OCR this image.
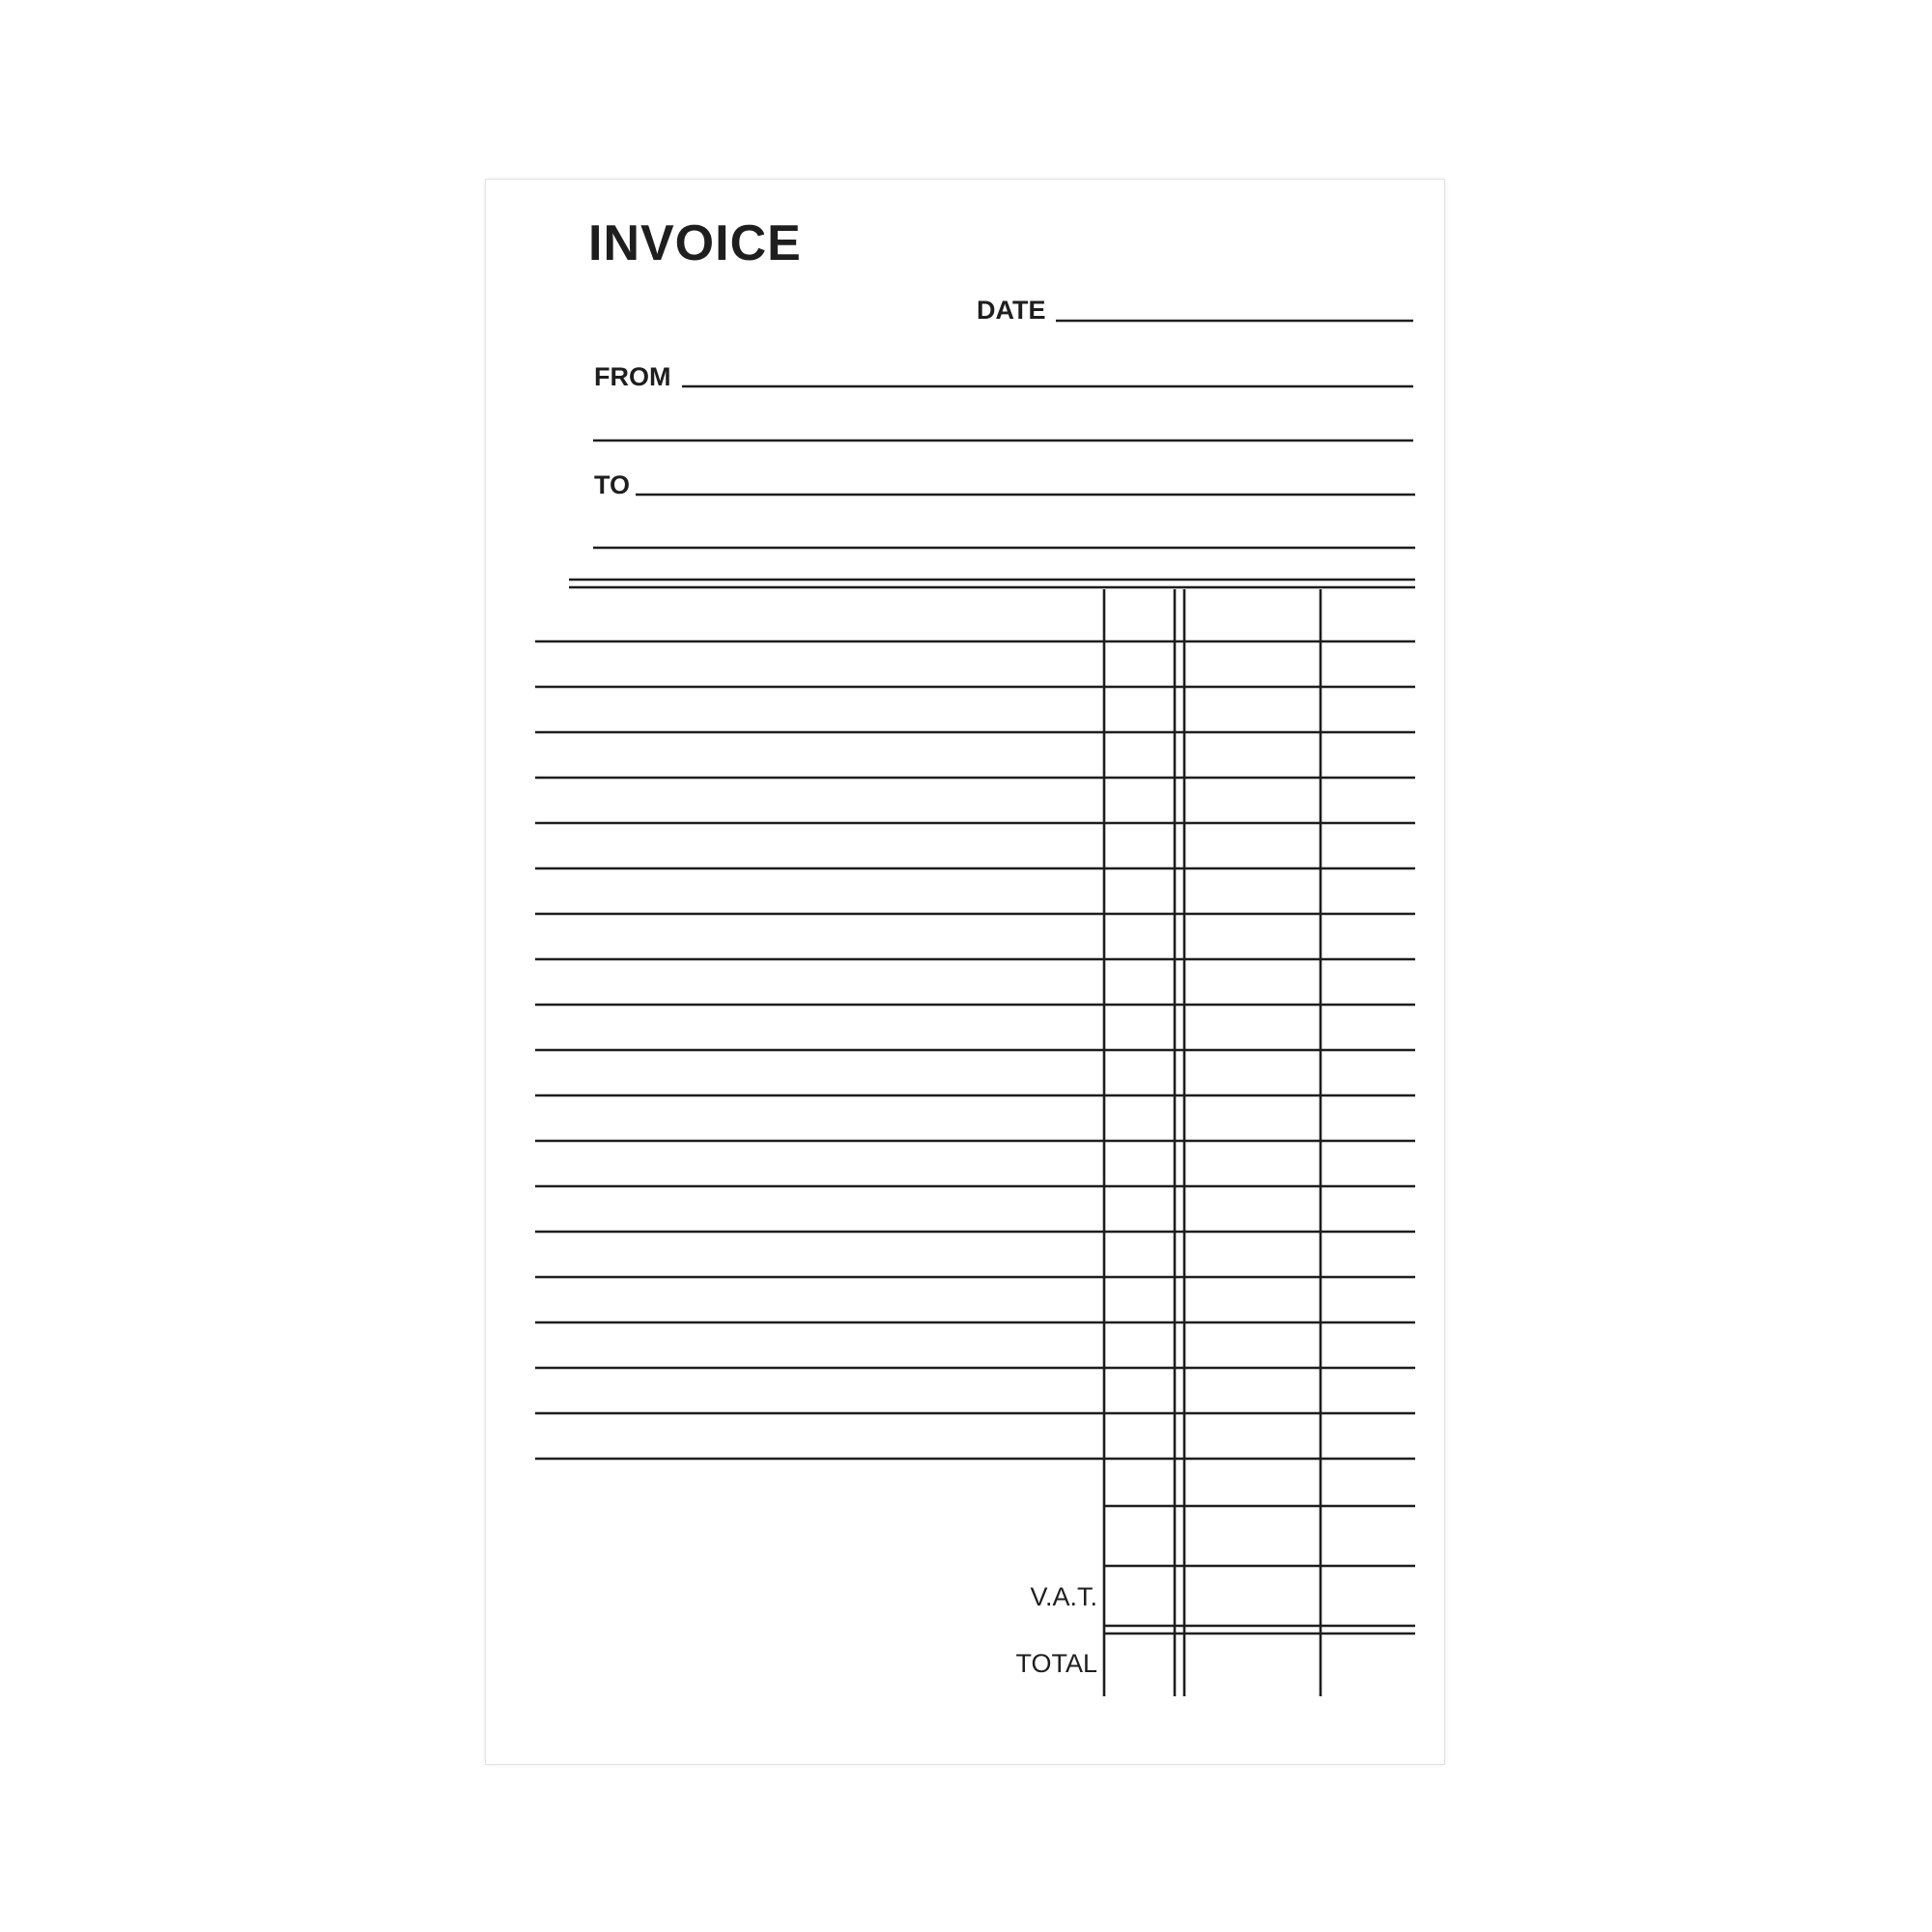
INVOICE
DATE
FROM
TO
V.A.T.
TOTAL
